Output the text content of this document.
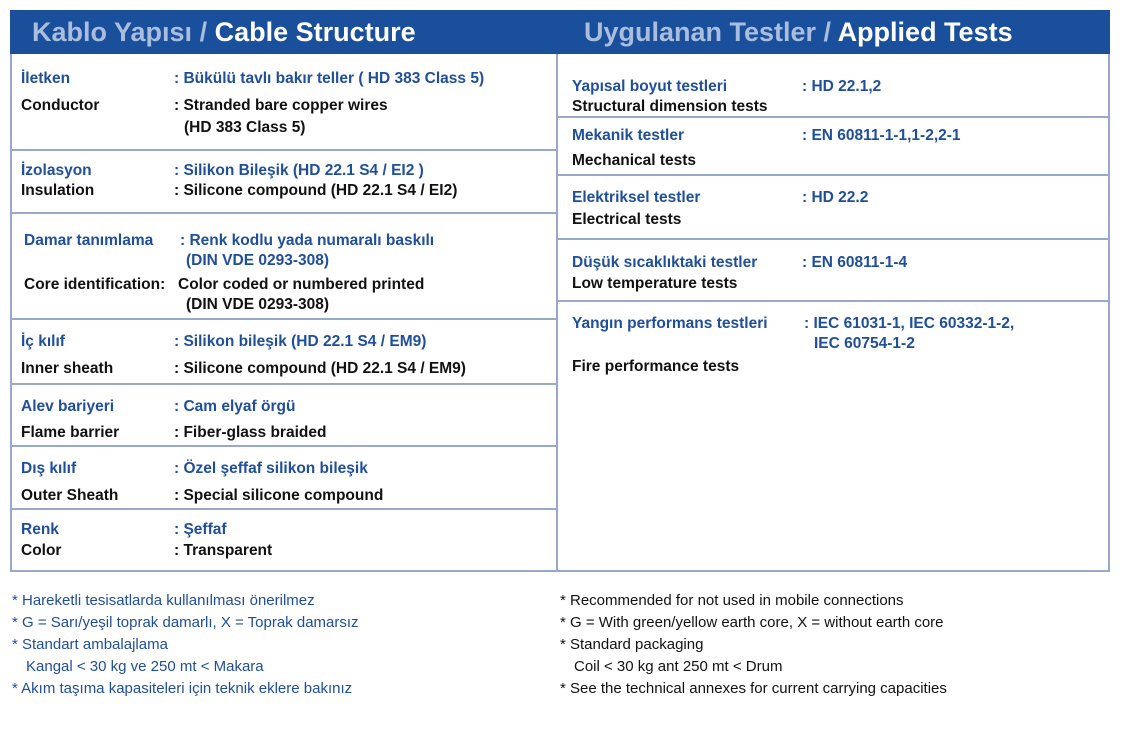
Kablo Yapısı / Cable Structure	Uygulanan Testler / Applied Tests
İletken	: Bükülü tavlı bakır teller ( HD 383 Class 5)
Conductor	: Stranded bare copper wires
(HD 383 Class 5)
İzolasyon	: Silikon Bileşik (HD 22.1 S4 / EI2 )
Insulation	: Silicone compound (HD 22.1 S4 / EI2)
Damar tanımlama : Renk kodlu yada numaralı baskılı
(DIN VDE 0293-308)
Core identification: Color coded or numbered printed
(DIN VDE 0293-308)
İç kılıf	: Silikon bileşik (HD 22.1 S4 / EM9)
Inner sheath	: Silicone compound (HD 22.1 S4 / EM9)
Alev bariyeri	: Cam elyaf örgü
Flame barrier	: Fiber-glass braided
Dış kılıf	: Özel şeffaf silikon bileşik
Outer Sheath	: Special silicone compound
Renk	: Şeffaf
Color	: Transparent
Yapısal boyut testleri	: HD 22.1,2
Structural dimension tests
Mekanik testler	: EN 60811-1-1,1-2,2-1
Mechanical tests
Elektriksel testler	: HD 22.2
Electrical tests
Düşük sıcaklıktaki testler	: EN 60811-1-4
Low temperature tests
Yangın performans testleri : IEC 61031-1, IEC 60332-1-2,
IEC 60754-1-2
Fire performance tests
* Hareketli tesisatlarda kullanılması önerilmez
* G = Sarı/yeşil toprak damarlı, X = Toprak damarsız
* Standart ambalajlama
Kangal < 30 kg ve 250 mt < Makara
* Akım taşıma kapasiteleri için teknik eklere bakınız
* Recommended for not used in mobile connections
* G = With green/yellow earth core, X = without earth core
* Standard packaging
Coil < 30 kg ant 250 mt < Drum
* See the technical annexes for current carrying capacities
